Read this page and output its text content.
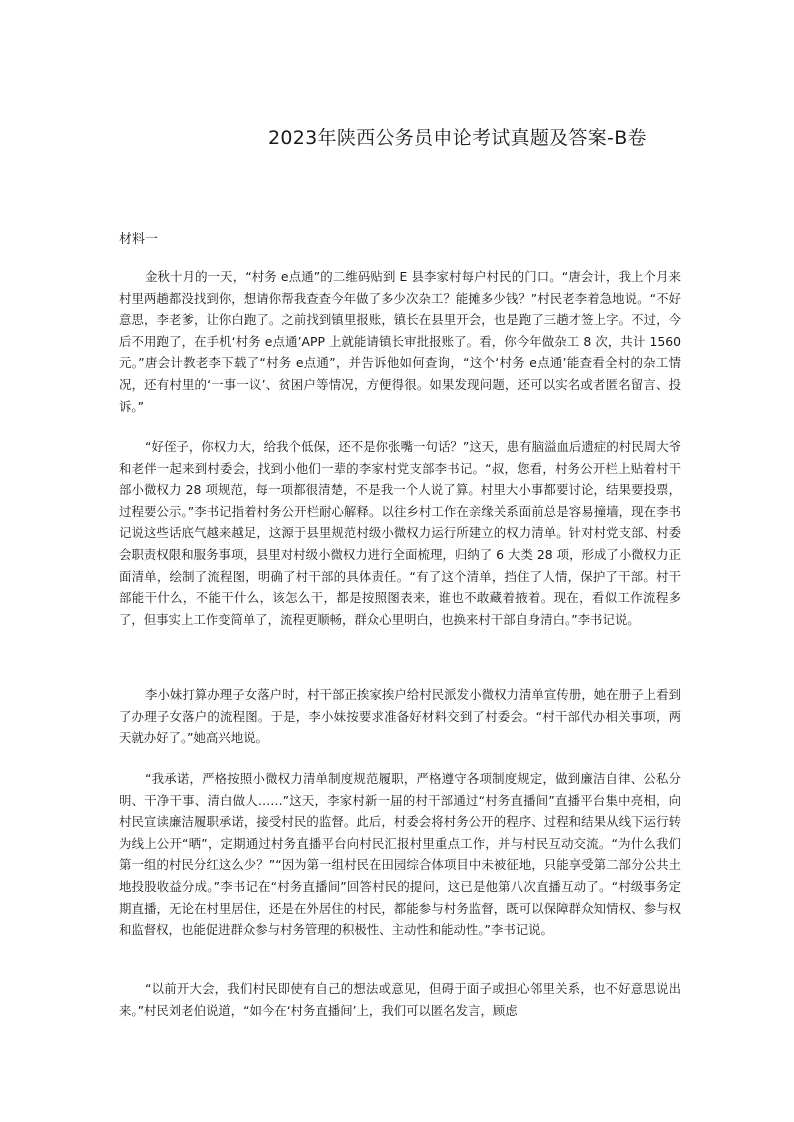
2023年陕西公务员申论考试真题及答案-B卷

材料一

金秋十月的一天，“村务 e点通”的二维码贴到 E 县李家村每户村民的门口。“唐会计，我上个月来村里两趟都没找到你，想请你帮我查查今年做了多少次杂工？能摊多少钱？”村民老李着急地说。“不好意思，李老爹，让你白跑了。之前找到镇里报账，镇长在县里开会，也是跑了三趟才签上字。不过，今后不用跑了，在手机‘村务 e点通’APP 上就能请镇长审批报账了。看，你今年做杂工 8 次，共计 1560 元。”唐会计教老李下载了“村务 e点通”，并告诉他如何查询，“这个‘村务 e点通’能查看全村的杂工情况，还有村里的‘一事一议’、贫困户等情况，方便得很。如果发现问题，还可以实名或者匿名留言、投诉。”

“好侄子，你权力大，给我个低保，还不是你张嘴一句话？”这天，患有脑溢血后遗症的村民周大爷和老伴一起来到村委会，找到小他们一辈的李家村党支部李书记。“叔，您看，村务公开栏上贴着村干部小微权力 28 项规范，每一项都很清楚，不是我一个人说了算。村里大小事都要讨论，结果要投票，过程要公示。”李书记指着村务公开栏耐心解释。以往乡村工作在亲缘关系面前总是容易撞墙，现在李书记说这些话底气越来越足，这源于县里规范村级小微权力运行所建立的权力清单。针对村党支部、村委会职责权限和服务事项，县里对村级小微权力进行全面梳理，归纳了 6 大类 28 项，形成了小微权力正面清单，绘制了流程图，明确了村干部的具体责任。“有了这个清单，挡住了人情，保护了干部。村干部能干什么，不能干什么，该怎么干，都是按照图表来，谁也不敢藏着掖着。现在，看似工作流程多了，但事实上工作变简单了，流程更顺畅，群众心里明白，也换来村干部自身清白。”李书记说。

李小妹打算办理子女落户时，村干部正挨家挨户给村民派发小微权力清单宣传册，她在册子上看到了办理子女落户的流程图。于是，李小妹按要求准备好材料交到了村委会。“村干部代办相关事项，两天就办好了。”她高兴地说。

“我承诺，严格按照小微权力清单制度规范履职，严格遵守各项制度规定，做到廉洁自律、公私分明、干净干事、清白做人……”这天，李家村新一届的村干部通过“村务直播间”直播平台集中亮相，向村民宣读廉洁履职承诺，接受村民的监督。此后，村委会将村务公开的程序、过程和结果从线下运行转为线上公开“晒”，定期通过村务直播平台向村民汇报村里重点工作，并与村民互动交流。“为什么我们第一组的村民分红这么少？”“因为第一组村民在田园综合体项目中未被征地，只能享受第二部分公共土地投股收益分成。”李书记在“村务直播间”回答村民的提问，这已是他第八次直播互动了。“村级事务定期直播，无论在村里居住，还是在外居住的村民，都能参与村务监督，既可以保障群众知情权、参与权和监督权，也能促进群众参与村务管理的积极性、主动性和能动性。”李书记说。

“以前开大会，我们村民即使有自己的想法或意见，但碍于面子或担心邻里关系，也不好意思说出来。”村民刘老伯说道，“如今在‘村务直播间’上，我们可以匿名发言，顾虑
